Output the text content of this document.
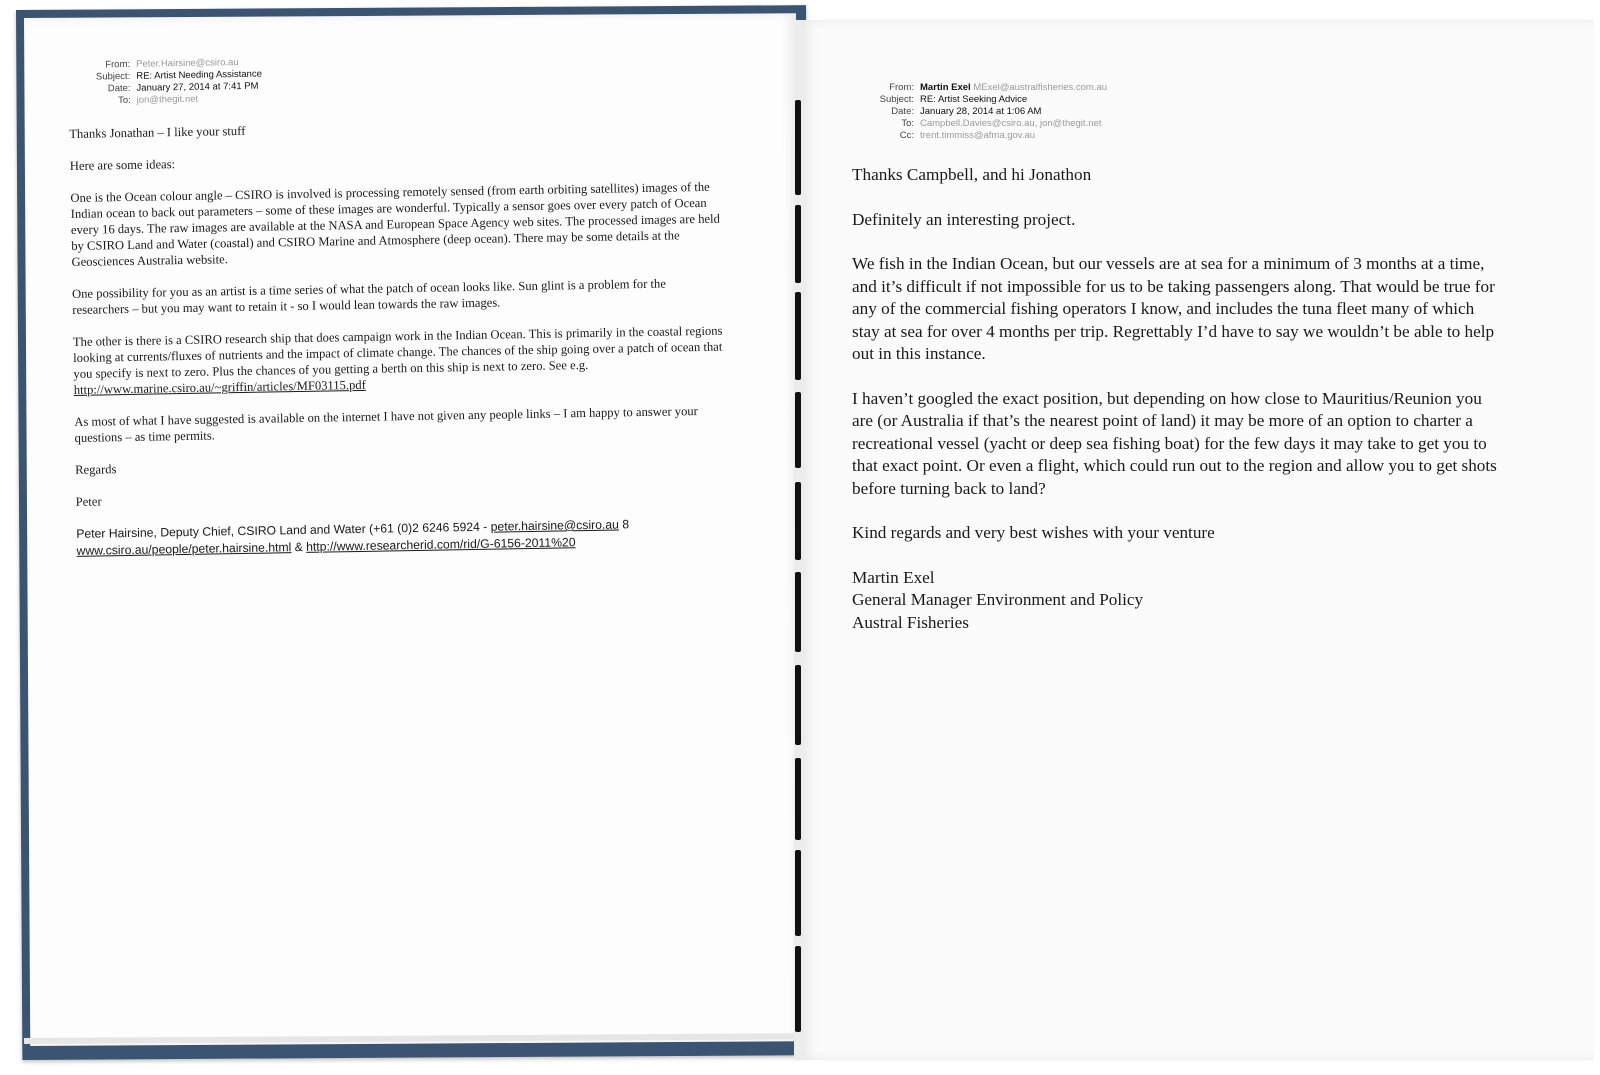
From: Peter.Hairsine@csiro.au
Subject: RE: Artist Needing Assistance
Date: January 27, 2014 at 7:41 PM
To: jon@thegit.net

Thanks Jonathan – I like your stuff

Here are some ideas:

One is the Ocean colour angle – CSIRO is involved is processing remotely sensed (from earth orbiting satellites) images of the Indian ocean to back out parameters – some of these images are wonderful. Typically a sensor goes over every patch of Ocean every 16 days. The raw images are available at the NASA and European Space Agency web sites. The processed images are held by CSIRO Land and Water (coastal) and CSIRO Marine and Atmosphere (deep ocean). There may be some details at the Geosciences Australia website.

One possibility for you as an artist is a time series of what the patch of ocean looks like. Sun glint is a problem for the researchers – but you may want to retain it - so I would lean towards the raw images.

The other is there is a CSIRO research ship that does campaign work in the Indian Ocean. This is primarily in the coastal regions looking at currents/fluxes of nutrients and the impact of climate change. The chances of the ship going over a patch of ocean that you specify is next to zero. Plus the chances of you getting a berth on this ship is next to zero. See e.g.
http://www.marine.csiro.au/~griffin/articles/MF03115.pdf

As most of what I have suggested is available on the internet I have not given any people links – I am happy to answer your questions – as time permits.

Regards

Peter

Peter Hairsine, Deputy Chief, CSIRO Land and Water (+61 (0)2 6246 5924 - peter.hairsine@csiro.au 8
www.csiro.au/people/peter.hairsine.html & http://www.researcherid.com/rid/G-6156-2011%20
From: Martin Exel MExel@australfisheries.com.au
Subject: RE: Artist Seeking Advice
Date: January 28, 2014 at 1:06 AM
To: Campbell.Davies@csiro.au, jon@thegit.net
Cc: trent.timmiss@afma.gov.au

Thanks Campbell, and hi Jonathon

Definitely an interesting project.

We fish in the Indian Ocean, but our vessels are at sea for a minimum of 3 months at a time, and it’s difficult if not impossible for us to be taking passengers along. That would be true for any of the commercial fishing operators I know, and includes the tuna fleet many of which stay at sea for over 4 months per trip. Regrettably I’d have to say we wouldn’t be able to help out in this instance.

I haven’t googled the exact position, but depending on how close to Mauritius/Reunion you are (or Australia if that’s the nearest point of land) it may be more of an option to charter a recreational vessel (yacht or deep sea fishing boat) for the few days it may take to get you to that exact point. Or even a flight, which could run out to the region and allow you to get shots before turning back to land?

Kind regards and very best wishes with your venture

Martin Exel

General Manager Environment and Policy

Austral Fisheries
